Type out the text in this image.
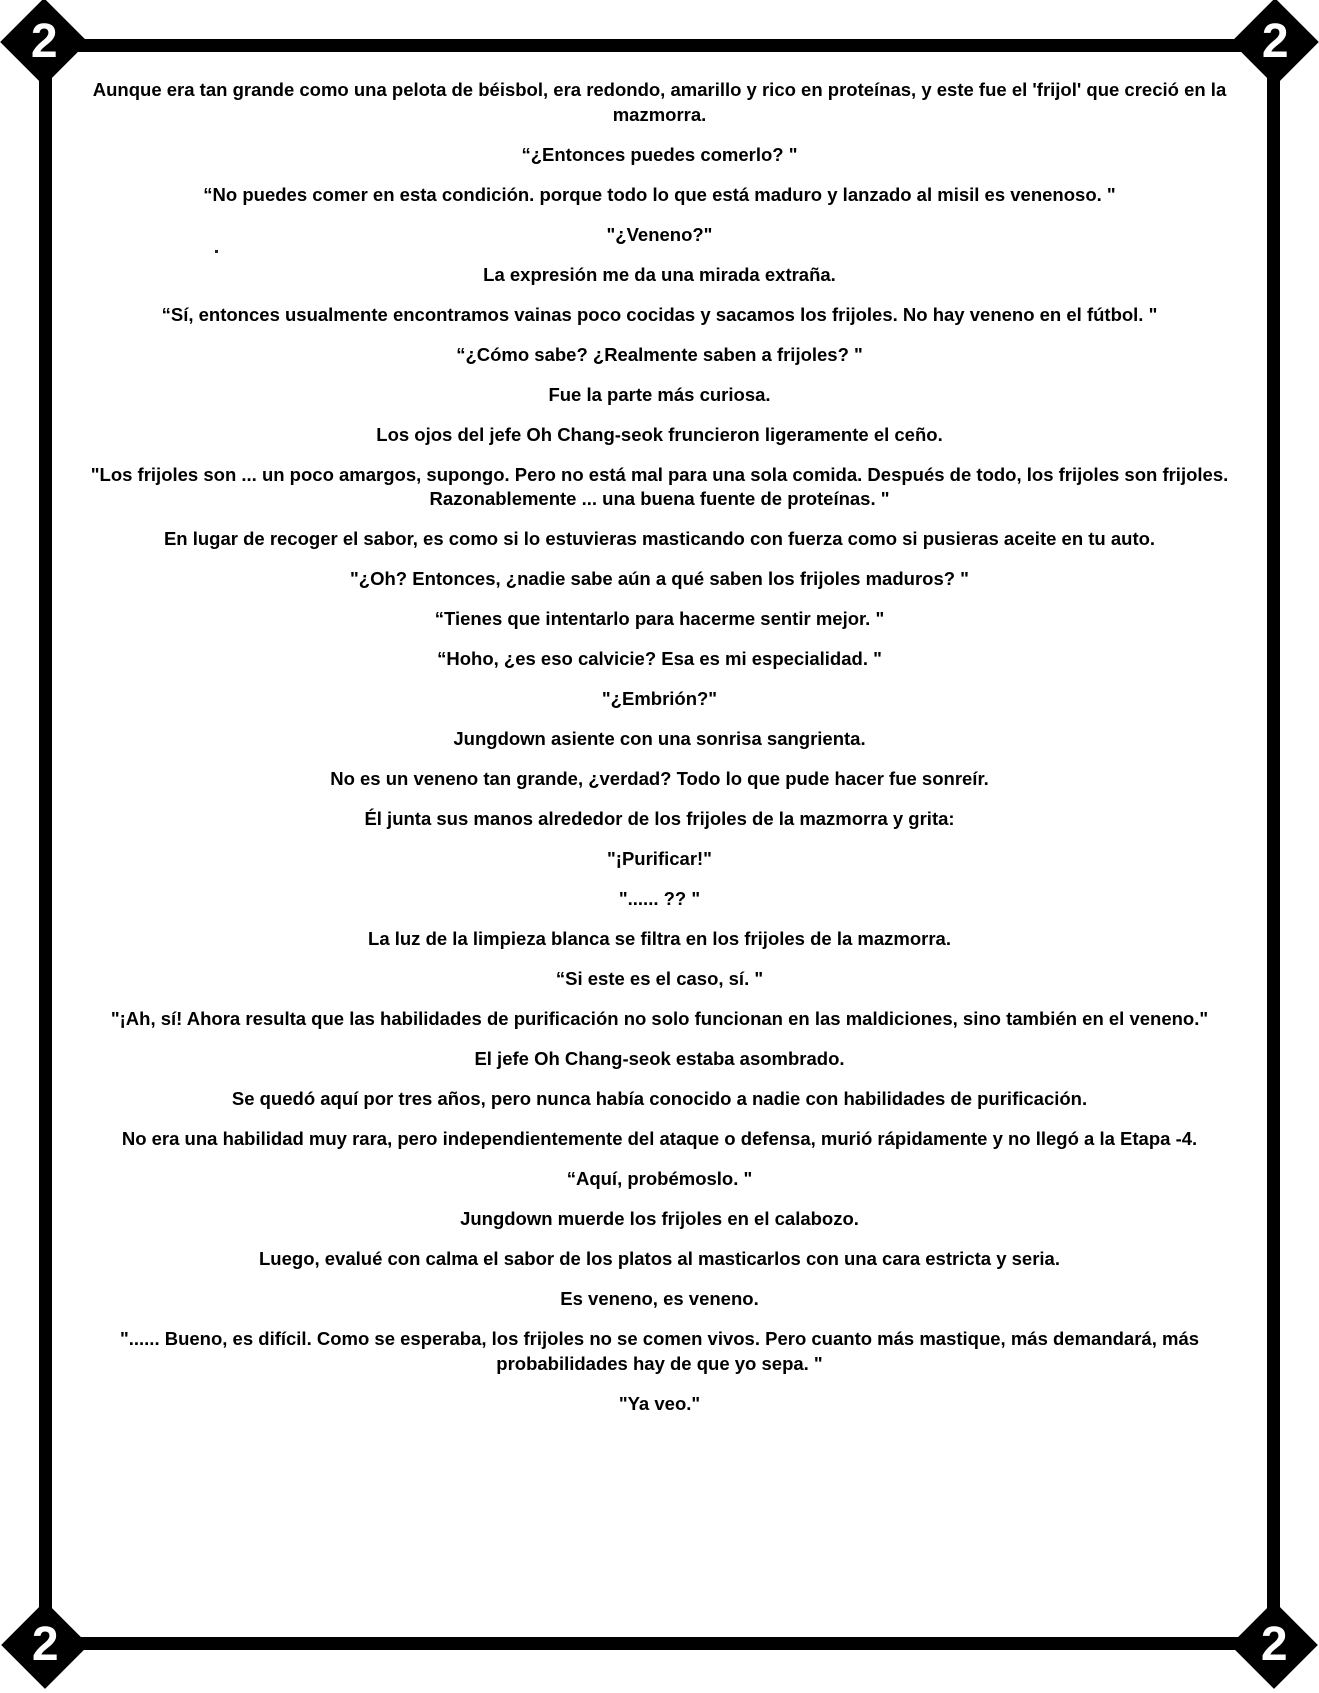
2	2
2	2

Aunque era tan grande como una pelota de béisbol, era redondo, amarillo y rico en proteínas, y este fue el 'frijol' que creció en la mazmorra.

“¿Entonces puedes comerlo? "

“No puedes comer en esta condición. porque todo lo que está maduro y lanzado al misil es venenoso. "

"¿Veneno?"

La expresión me da una mirada extraña.

“Sí, entonces usualmente encontramos vainas poco cocidas y sacamos los frijoles. No hay veneno en el fútbol. "

“¿Cómo sabe? ¿Realmente saben a frijoles? "

Fue la parte más curiosa.

Los ojos del jefe Oh Chang-seok fruncieron ligeramente el ceño.

"Los frijoles son ... un poco amargos, supongo. Pero no está mal para una sola comida. Después de todo, los frijoles son frijoles. Razonablemente ... una buena fuente de proteínas. "

En lugar de recoger el sabor, es como si lo estuvieras masticando con fuerza como si pusieras aceite en tu auto.

"¿Oh? Entonces, ¿nadie sabe aún a qué saben los frijoles maduros? "

“Tienes que intentarlo para hacerme sentir mejor. "

“Hoho, ¿es eso calvicie? Esa es mi especialidad. "

"¿Embrión?"

Jungdown asiente con una sonrisa sangrienta.

No es un veneno tan grande, ¿verdad? Todo lo que pude hacer fue sonreír.

Él junta sus manos alrededor de los frijoles de la mazmorra y grita:

"¡Purificar!"

"...... ?? "

La luz de la limpieza blanca se filtra en los frijoles de la mazmorra.

“Si este es el caso, sí. "

"¡Ah, sí! Ahora resulta que las habilidades de purificación no solo funcionan en las maldiciones, sino también en el veneno."

El jefe Oh Chang-seok estaba asombrado.

Se quedó aquí por tres años, pero nunca había conocido a nadie con habilidades de purificación.

No era una habilidad muy rara, pero independientemente del ataque o defensa, murió rápidamente y no llegó a la Etapa -4.

“Aquí, probémoslo. "

Jungdown muerde los frijoles en el calabozo.

Luego, evalué con calma el sabor de los platos al masticarlos con una cara estricta y seria.

Es veneno, es veneno.

"...... Bueno, es difícil. Como se esperaba, los frijoles no se comen vivos. Pero cuanto más mastique, más demandará, más probabilidades hay de que yo sepa. "

"Ya veo."
